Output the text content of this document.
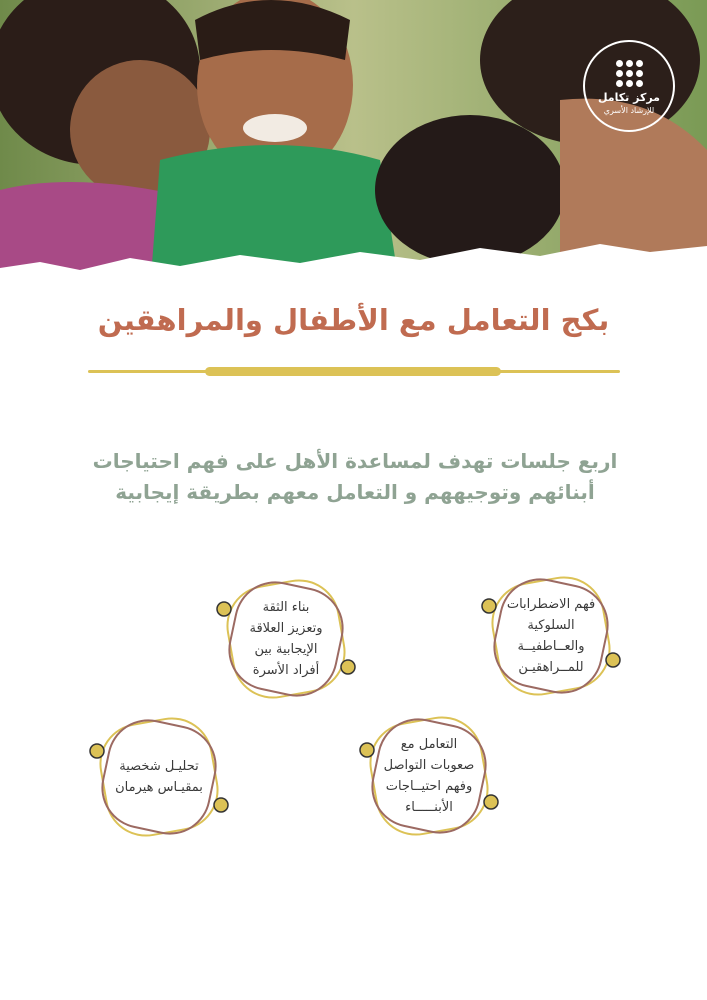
مركز تكامل
للإرشاد الأسري
بكج التعامل مع الأطفال والمراهقين
اربع جلسات تهدف لمساعدة الأهل على فهم احتياجات
أبنائهم وتوجيههم و التعامل معهم بطريقة إيجابية
فهم الاضطرابات
السلوكية
والعــاطفيــة
للمــراهقيـن
بناء الثقة
وتعزيز العلاقة
الإيجابية بين
أفراد الأسرة
التعامل مع
صعوبات التواصل
وفهم احتيــاجات
الأبنـــــاء
تحليـل شخصية
بمقيـاس هيرمان
